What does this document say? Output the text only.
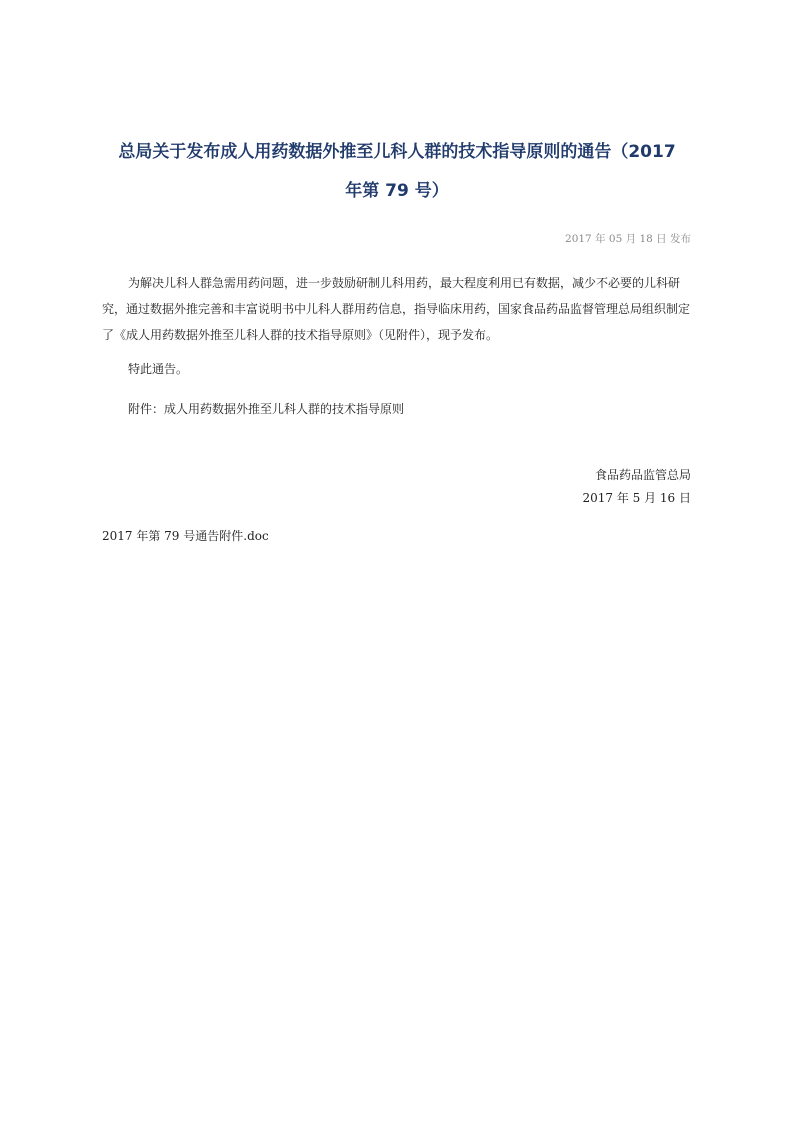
总局关于发布成人用药数据外推至儿科人群的技术指导原则的通告（2017
年第 79 号）
2017 年 05 月 18 日 发布

为解决儿科人群急需用药问题，进一步鼓励研制儿科用药，最大程度利用已有数据，减少不必要的儿科研究，通过数据外推完善和丰富说明书中儿科人群用药信息，指导临床用药，国家食品药品监督管理总局组织制定了《成人用药数据外推至儿科人群的技术指导原则》（见附件），现予发布。

特此通告。

附件：成人用药数据外推至儿科人群的技术指导原则

食品药品监管总局
2017 年 5 月 16 日
2017 年第 79 号通告附件.doc
